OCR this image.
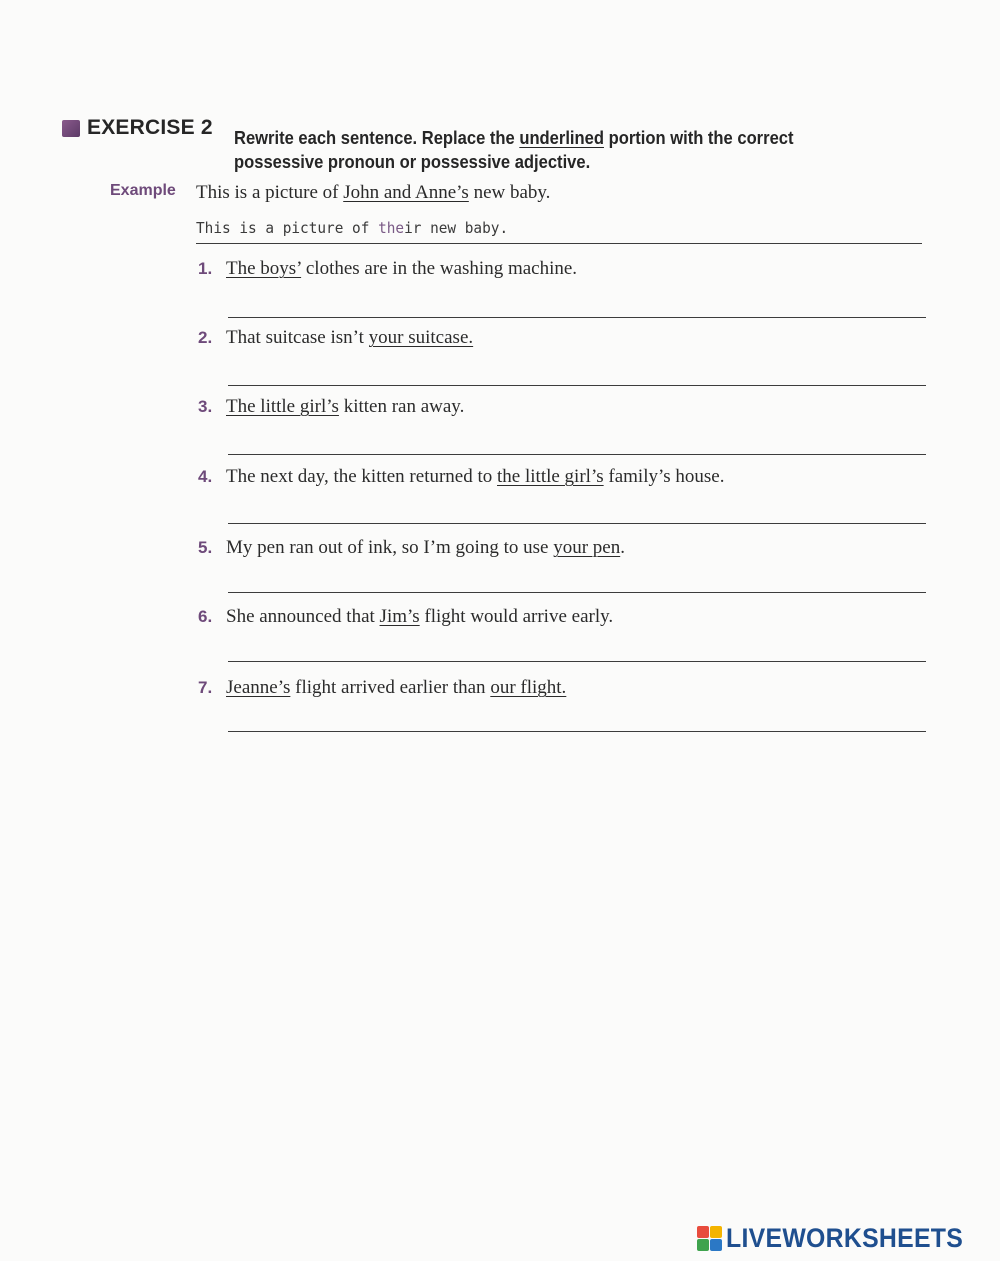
EXERCISE 2 Rewrite each sentence. Replace the underlined portion with the correct possessive pronoun or possessive adjective.
Example This is a picture of John and Anne’s new baby.
This is a picture of their new baby.
1. The boys’ clothes are in the washing machine.
2. That suitcase isn’t your suitcase.
3. The little girl’s kitten ran away.
4. The next day, the kitten returned to the little girl’s family’s house.
5. My pen ran out of ink, so I’m going to use your pen.
6. She announced that Jim’s flight would arrive early.
7. Jeanne’s flight arrived earlier than our flight.
LIVEWORKSHEETS
